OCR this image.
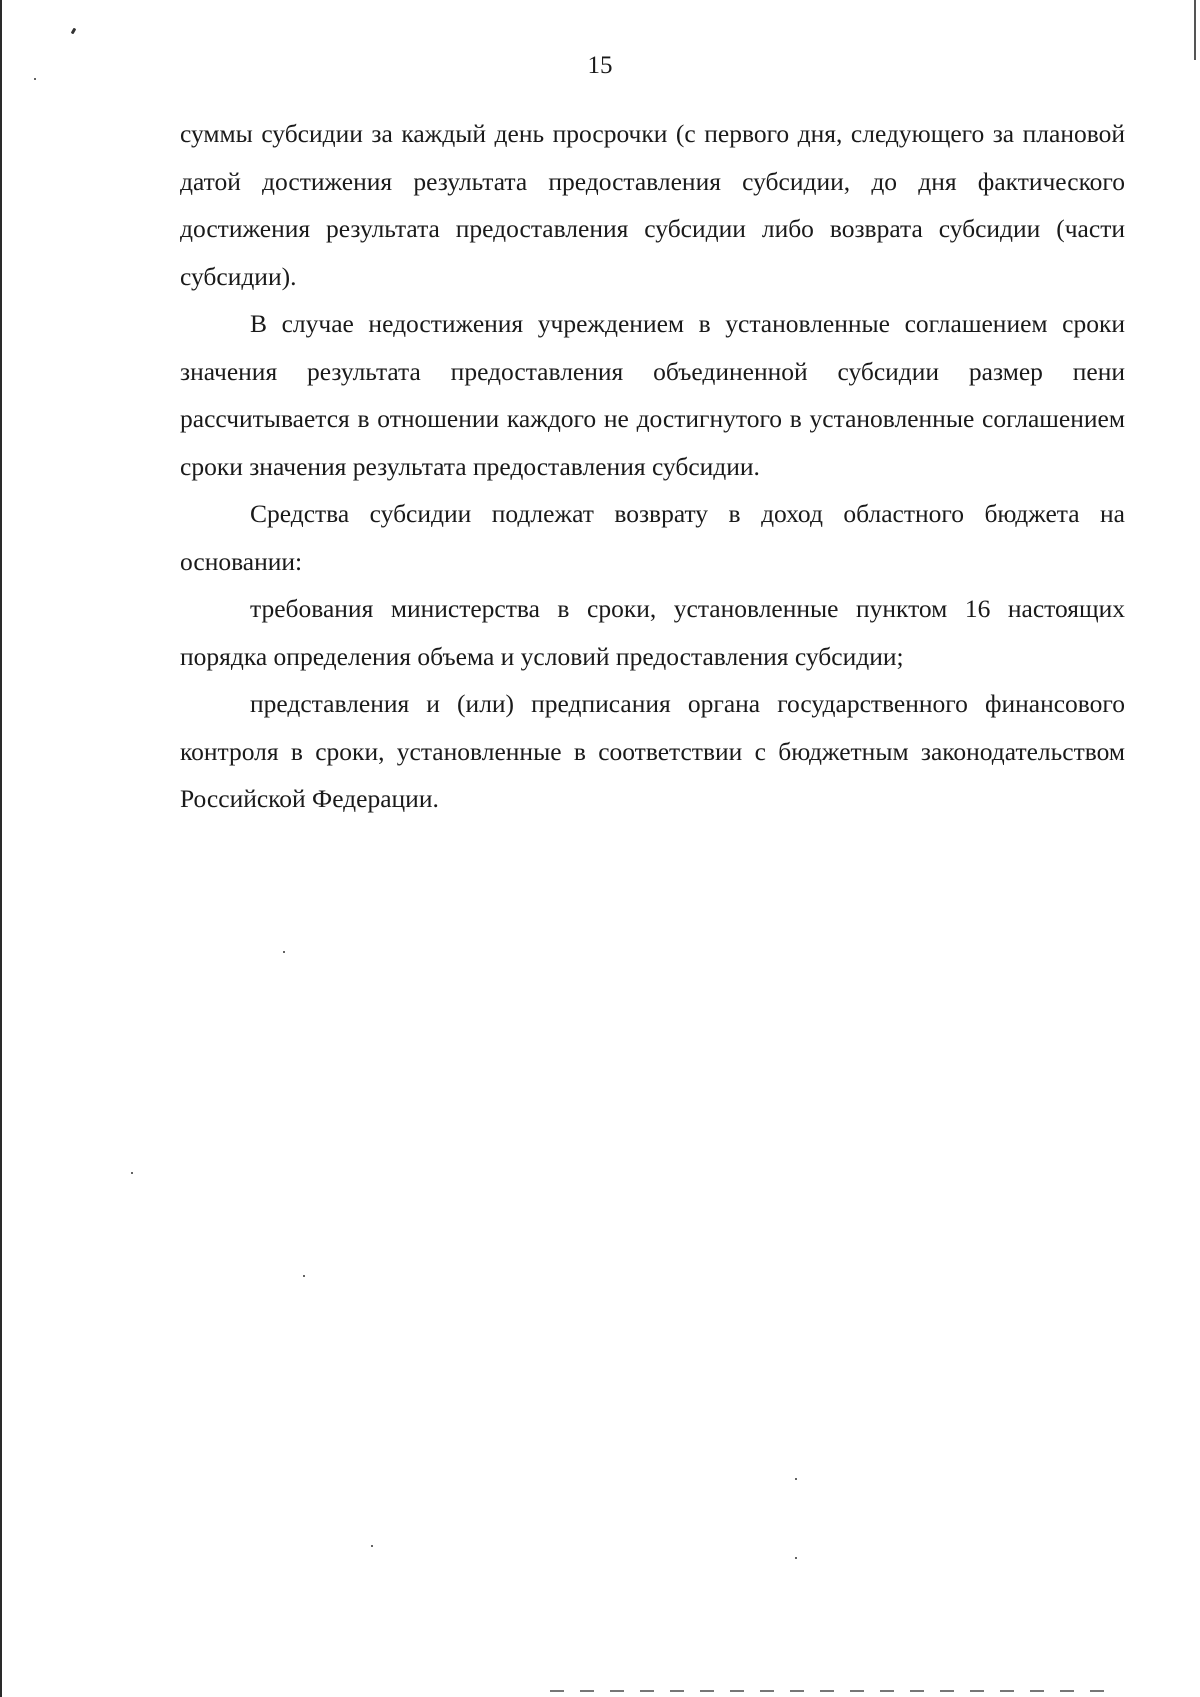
15

суммы субсидии за каждый день просрочки (с первого дня, следующего за плановой датой достижения результата предоставления субсидии, до дня фактического достижения результата предоставления субсидии либо возврата субсидии (части субсидии).

В случае недостижения учреждением в установленные соглашением сроки значения результата предоставления объединенной субсидии размер пени рассчитывается в отношении каждого не достигнутого в установленные соглашением сроки значения результата предоставления субсидии.

Средства субсидии подлежат возврату в доход областного бюджета на основании:

требования министерства в сроки, установленные пунктом 16 настоящих порядка определения объема и условий предоставления субсидии;

представления и (или) предписания органа государственного финансового контроля в сроки, установленные в соответствии с бюджетным законодательством Российской Федерации.
